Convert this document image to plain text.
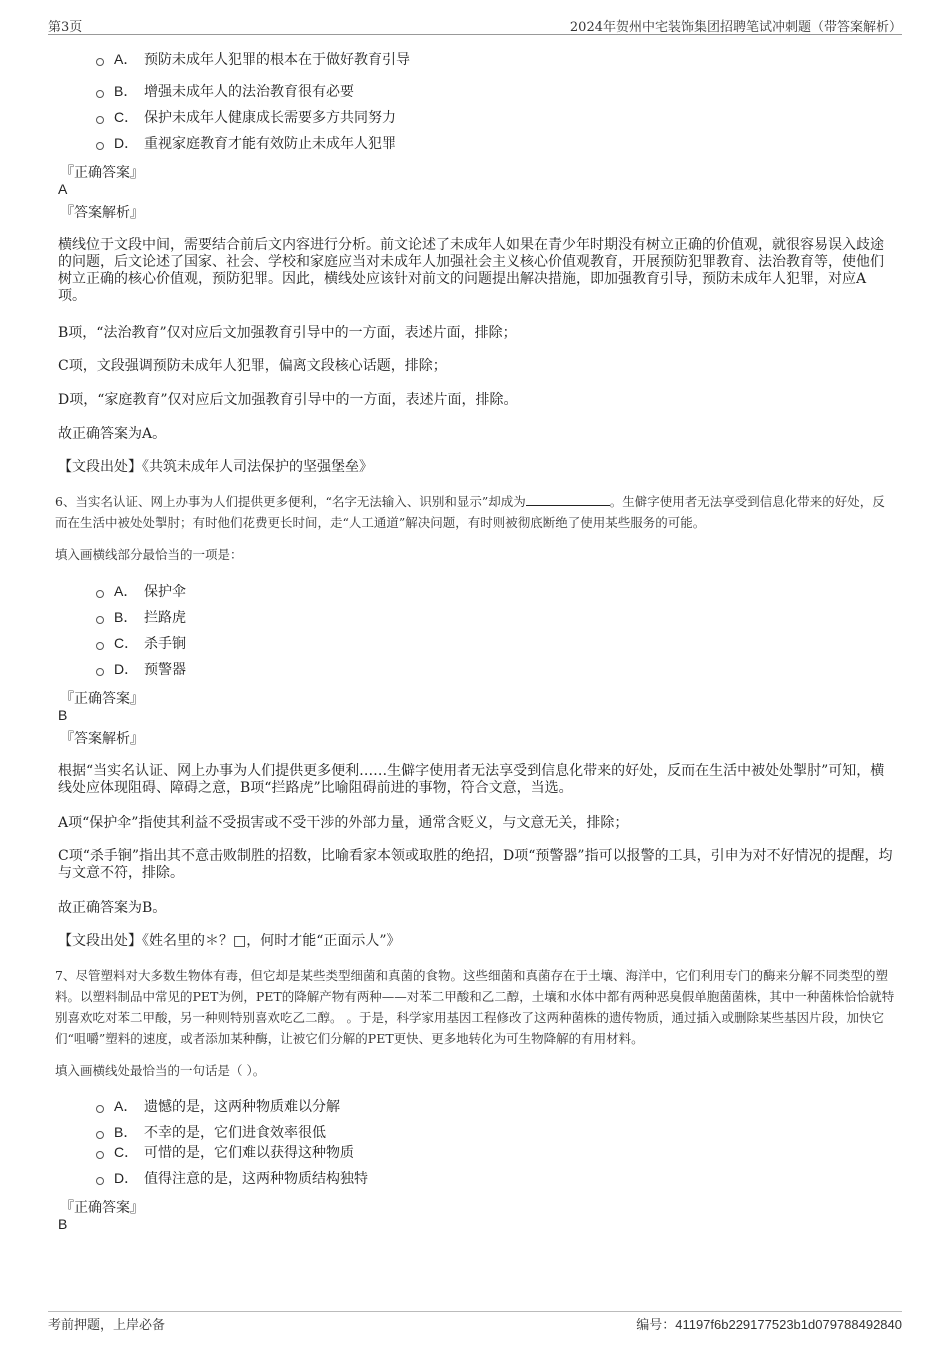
第3页	2024年贺州中宅装饰集团招聘笔试冲刺题（带答案解析）
A． 预防未成年人犯罪的根本在于做好教育引导
B． 增强未成年人的法治教育很有必要
C． 保护未成年人健康成长需要多方共同努力
D． 重视家庭教育才能有效防止未成年人犯罪
『正确答案』
A
『答案解析』
横线位于文段中间，需要结合前后文内容进行分析。前文论述了未成年人如果在青少年时期没有树立正确的价值观，就很容易误入歧途的问题，后文论述了国家、社会、学校和家庭应当对未成年人加强社会主义核心价值观教育，开展预防犯罪教育、法治教育等，使他们树立正确的核心价值观，预防犯罪。因此，横线处应该针对前文的问题提出解决措施，即加强教育引导，预防未成年人犯罪，对应A项。
B项，“法治教育”仅对应后文加强教育引导中的一方面，表述片面，排除；
C项，文段强调预防未成年人犯罪，偏离文段核心话题，排除；
D项，“家庭教育”仅对应后文加强教育引导中的一方面，表述片面，排除。
故正确答案为A。
【文段出处】《共筑未成年人司法保护的坚强堡垒》
6、当实名认证、网上办事为人们提供更多便利，“名字无法输入、识别和显示”却成为	。生僻字使用者无法享受到信息化带来的好处，反而在生活中被处处掣肘；有时他们花费更长时间，走“人工通道”解决问题，有时则被彻底断绝了使用某些服务的可能。
填入画横线部分最恰当的一项是：
A． 保护伞
B． 拦路虎
C． 杀手锏
D． 预警器
『正确答案』
B
『答案解析』
根据“当实名认证、网上办事为人们提供更多便利……生僻字使用者无法享受到信息化带来的好处，反而在生活中被处处掣肘”可知，横线处应体现阻碍、障碍之意，B项“拦路虎”比喻阻碍前进的事物，符合文意，当选。
A项“保护伞”指使其利益不受损害或不受干涉的外部力量，通常含贬义，与文意无关，排除；
C项“杀手锏”指出其不意击败制胜的招数，比喻看家本领或取胜的绝招，D项“预警器”指可以报警的工具，引申为对不好情况的提醒，均与文意不符，排除。
故正确答案为B。
【文段出处】《姓名里的＊？□，何时才能“正面示人”》
7、尽管塑料对大多数生物体有毒，但它却是某些类型细菌和真菌的食物。这些细菌和真菌存在于土壤、海洋中，它们利用专门的酶来分解不同类型的塑料。以塑料制品中常见的PET为例，PET的降解产物有两种——对苯二甲酸和乙二醇，土壤和水体中都有两种恶臭假单胞菌菌株，其中一种菌株恰恰就特别喜欢吃对苯二甲酸，另一种则特别喜欢吃乙二醇。 。于是，科学家用基因工程修改了这两种菌株的遗传物质，通过插入或删除某些基因片段，加快它们“咀嚼”塑料的速度，或者添加某种酶，让被它们分解的PET更快、更多地转化为可生物降解的有用材料。
填入画横线处最恰当的一句话是（ ）。
A． 遗憾的是，这两种物质难以分解
B． 不幸的是，它们进食效率很低
C． 可惜的是，它们难以获得这种物质
D． 值得注意的是，这两种物质结构独特
『正确答案』
B
考前押题，上岸必备	编号：41197f6b229177523b1d079788492840
